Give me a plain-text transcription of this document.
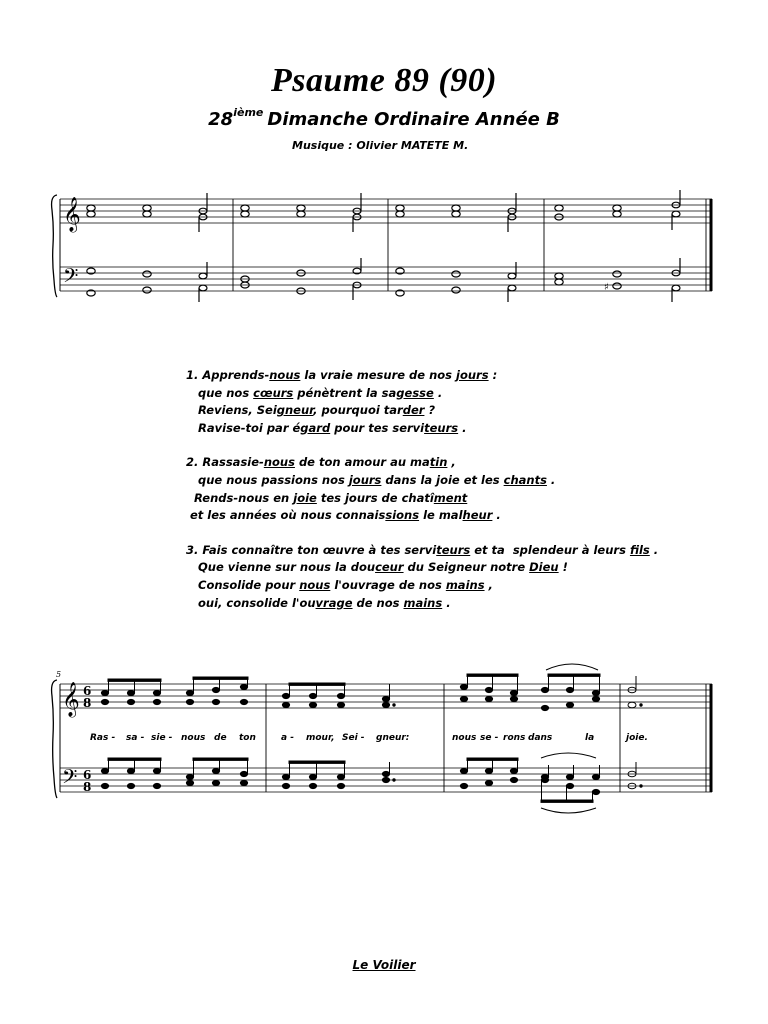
Psaume 89 (90)
28ième Dimanche Ordinaire Année B
Musique : Olivier MATETE M.
𝄞
𝄢	♯
1. Apprends-nous la vraie mesure de nos jours :
que nos cœurs pénètrent la sagesse .
Reviens, Seigneur, pourquoi tarder ?
Ravise-toi par égard pour tes serviteurs .
2. Rassasie-nous de ton amour au matin ,
que nous passions nos jours dans la joie et les chants .
Rends-nous en joie tes jours de chatîment
et les années où nous connaissions le malheur .
3. Fais connaître ton œuvre à tes serviteurs et ta  splendeur à leurs fils .
Que vienne sur nous la douceur du Seigneur notre Dieu !
Consolide pour nous l'ouvrage de nos mains ,
oui, consolide l'ouvrage de nos mains .
5
𝄞
𝄢
6
8
6
8
Ras - sa - sie - nous de ton	a - mour, Sei - gneur:	nous se - rons dans	la	joie.
Le Voilier
